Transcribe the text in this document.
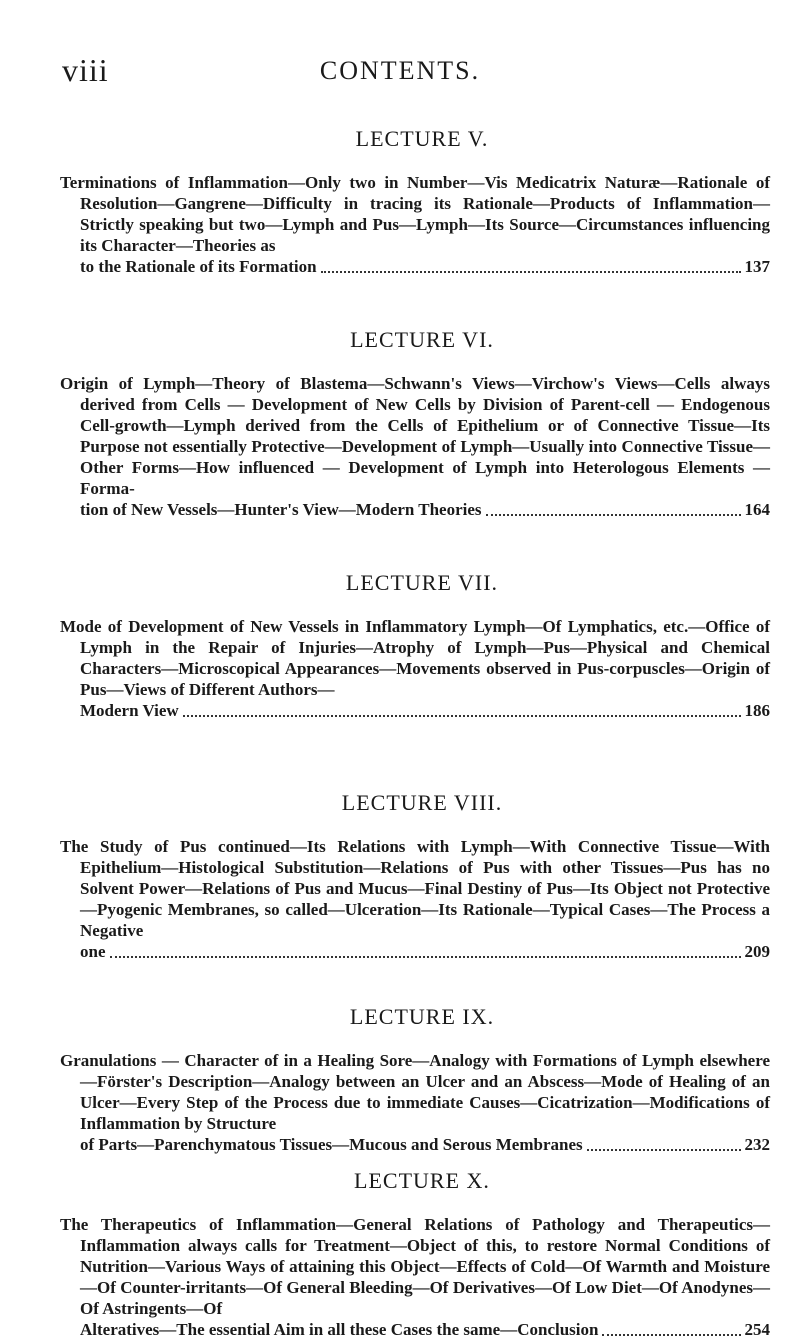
viii	CONTENTS.
LECTURE V.
Terminations of Inflammation—Only two in Number—Vis Medicatrix Naturæ—Rationale of Resolution—Gangrene—Difficulty in tracing its Rationale—Products of Inflammation—Strictly speaking but two—Lymph and Pus—Lymph—Its Source—Circumstances influencing its Character—Theories as
to the Rationale of its Formation	137
LECTURE VI.
Origin of Lymph—Theory of Blastema—Schwann's Views—Virchow's Views—Cells always derived from Cells — Development of New Cells by Division of Parent-cell — Endogenous Cell-growth—Lymph derived from the Cells of Epithelium or of Connective Tissue—Its Purpose not essentially Protective—Development of Lymph—Usually into Connective Tissue—Other Forms—How influenced — Development of Lymph into Heterologous Elements — Forma-
tion of New Vessels—Hunter's View—Modern Theories	164
LECTURE VII.
Mode of Development of New Vessels in Inflammatory Lymph—Of Lymphatics, etc.—Office of Lymph in the Repair of Injuries—Atrophy of Lymph—Pus—Physical and Chemical Characters—Microscopical Appearances—Movements observed in Pus-corpuscles—Origin of Pus—Views of Different Authors—
Modern View	186
LECTURE VIII.
The Study of Pus continued—Its Relations with Lymph—With Connective Tissue—With Epithelium—Histological Substitution—Relations of Pus with other Tissues—Pus has no Solvent Power—Relations of Pus and Mucus—Final Destiny of Pus—Its Object not Protective—Pyogenic Membranes, so called—Ulceration—Its Rationale—Typical Cases—The Process a Negative
one	209
LECTURE IX.
Granulations — Character of in a Healing Sore—Analogy with Formations of Lymph elsewhere—Förster's Description—Analogy between an Ulcer and an Abscess—Mode of Healing of an Ulcer—Every Step of the Process due to immediate Causes—Cicatrization—Modifications of Inflammation by Structure
of Parts—Parenchymatous Tissues—Mucous and Serous Membranes	232
LECTURE X.
The Therapeutics of Inflammation—General Relations of Pathology and Therapeutics—Inflammation always calls for Treatment—Object of this, to restore Normal Conditions of Nutrition—Various Ways of attaining this Object—Effects of Cold—Of Warmth and Moisture—Of Counter-irritants—Of General Bleeding—Of Derivatives—Of Low Diet—Of Anodynes—Of Astringents—Of
Alteratives—The essential Aim in all these Cases the same—Conclusion	254
